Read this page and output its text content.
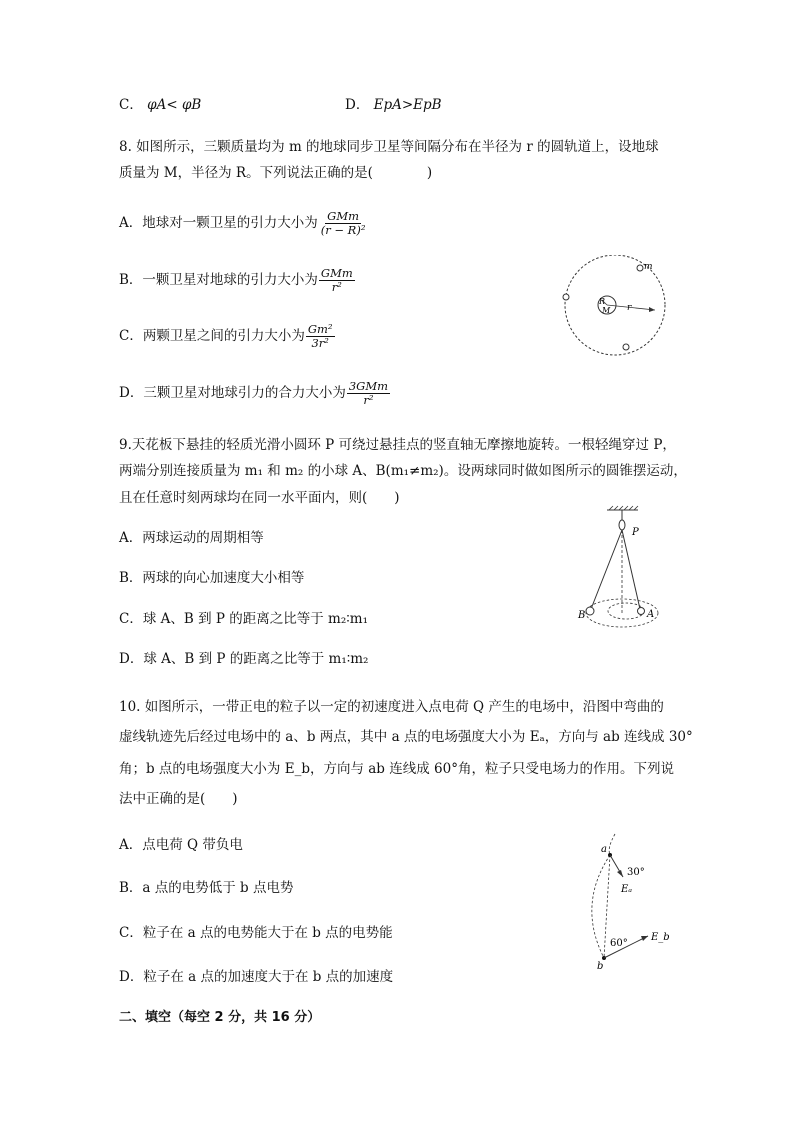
C． φA< φB	D． EpA>EpB
8. 如图所示，三颗质量均为 m 的地球同步卫星等间隔分布在半径为 r 的圆轨道上，设地球
质量为 M，半径为 R。下列说法正确的是(　　　　)
A．地球对一颗卫星的引力大小为 $\frac{\text{GMm}}{\text{(r − R)²}}$
B．一颗卫星对地球的引力大小为 $\frac{\text{GMm}}{\text{r²}}$
C．两颗卫星之间的引力大小为 $\frac{\text{Gm²}}{\text{3r²}}$
D．三颗卫星对地球引力的合力大小为 $\frac{\text{3GMm}}{\text{r²}}$
m
r
R
M
9.天花板下悬挂的轻质光滑小圆环 P 可绕过悬挂点的竖直轴无摩擦地旋转。一根轻绳穿过 P，
两端分别连接质量为 m₁ 和 m₂ 的小球 A、B(m₁≠m₂)。设两球同时做如图所示的圆锥摆运动，
且在任意时刻两球均在同一水平面内，则(　　)
A．两球运动的周期相等
B．两球的向心加速度大小相等
C．球 A、B 到 P 的距离之比等于 m₂∶m₁
D．球 A、B 到 P 的距离之比等于 m₁∶m₂
P
B	A
10. 如图所示，一带正电的粒子以一定的初速度进入点电荷 Q 产生的电场中，沿图中弯曲的
虚线轨迹先后经过电场中的 a、b 两点，其中 a 点的电场强度大小为 Eₐ，方向与 ab 连线成 30°
角；b 点的电场强度大小为 E_b，方向与 ab 连线成 60°角，粒子只受电场力的作用。下列说
法中正确的是(　　)
A．点电荷 Q 带负电
B．a 点的电势低于 b 点电势
C．粒子在 a 点的电势能大于在 b 点的电势能
D．粒子在 a 点的加速度大于在 b 点的加速度
a
b
30°
Eₐ
60°
E_b
二、填空（每空 2 分，共 16 分）
